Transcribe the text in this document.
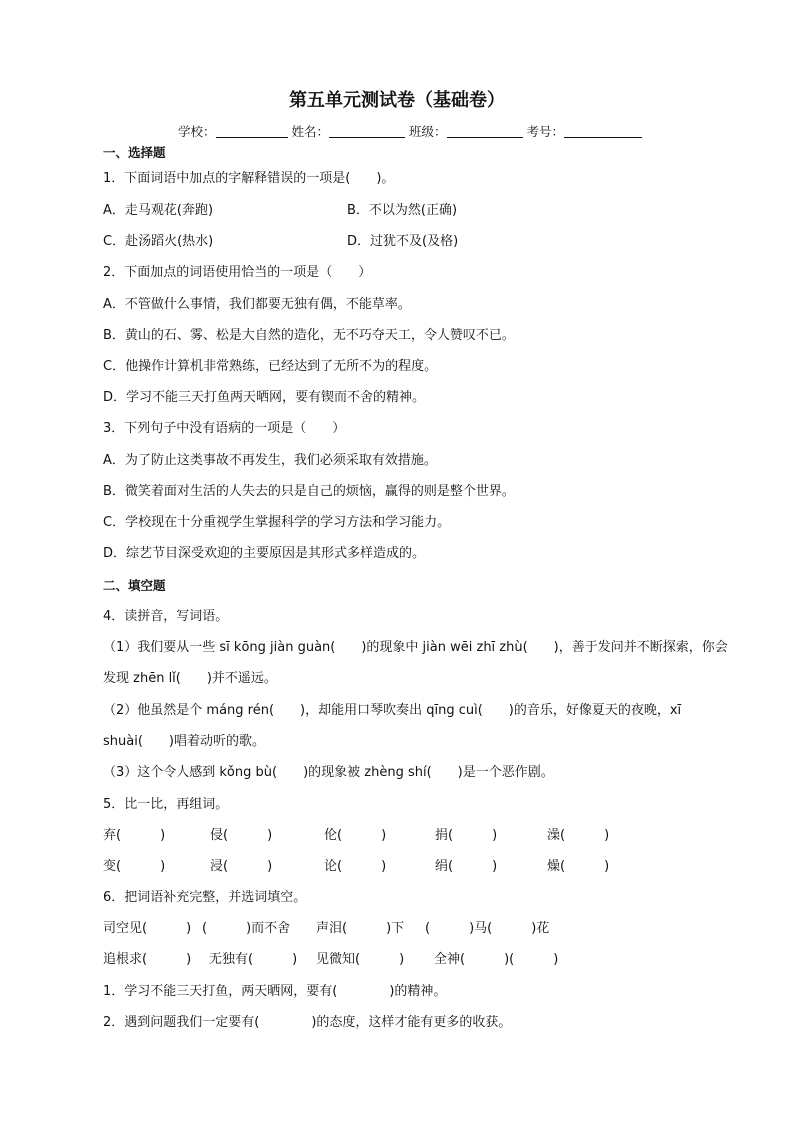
第五单元测试卷（基础卷）
学校：	姓名：	班级：	考号：
一、选择题
1．下面词语中加点的字解释错误的一项是(　　)。
A．走马观花(奔跑)	B．不以为然(正确)
C．赴汤蹈火(热水)	D．过犹不及(及格)
2．下面加点的词语使用恰当的一项是（　　）
A．不管做什么事情，我们都要无独有偶，不能草率。
B．黄山的石、雾、松是大自然的造化，无不巧夺天工，令人赞叹不已。
C．他操作计算机非常熟练，已经达到了无所不为的程度。
D．学习不能三天打鱼两天晒网，要有锲而不舍的精神。
3．下列句子中没有语病的一项是（　　）
A．为了防止这类事故不再发生，我们必须采取有效措施。
B．微笑着面对生活的人失去的只是自己的烦恼，赢得的则是整个世界。
C．学校现在十分重视学生掌握科学的学习方法和学习能力。
D．综艺节目深受欢迎的主要原因是其形式多样造成的。
二、填空题
4．读拼音，写词语。
（1）我们要从一些 sī kōng jiàn guàn(　　)的现象中 jiàn wēi zhī zhù(　　)，善于发问并不断探索，你会
发现 zhēn lǐ(　　)并不遥远。
（2）他虽然是个 máng rén(　　)，却能用口琴吹奏出 qīng cuì(　　)的音乐，好像夏天的夜晚，xī
shuài(　　)唱着动听的歌。
（3）这个令人感到 kǒng bù(　　)的现象被 zhèng shí(　　)是一个恶作剧。
5．比一比，再组词。
弃(　　　)	侵(　　　)	伦(　　　)	捐(　　　)	澡(　　　)
变(　　　)	浸(　　　)	论(　　　)	绢(　　　)	燥(　　　)
6．把词语补充完整，并选词填空。
司空见(　　　) (　　　)而不舍 声泪(　　　)下 (　　　)马(　　　)花
追根求(　　　) 无独有(　　　) 见微知(　　　) 全神(　　　)(　　　)
1．学习不能三天打鱼，两天晒网，要有(　　　　)的精神。
2．遇到问题我们一定要有(　　　　)的态度，这样才能有更多的收获。
